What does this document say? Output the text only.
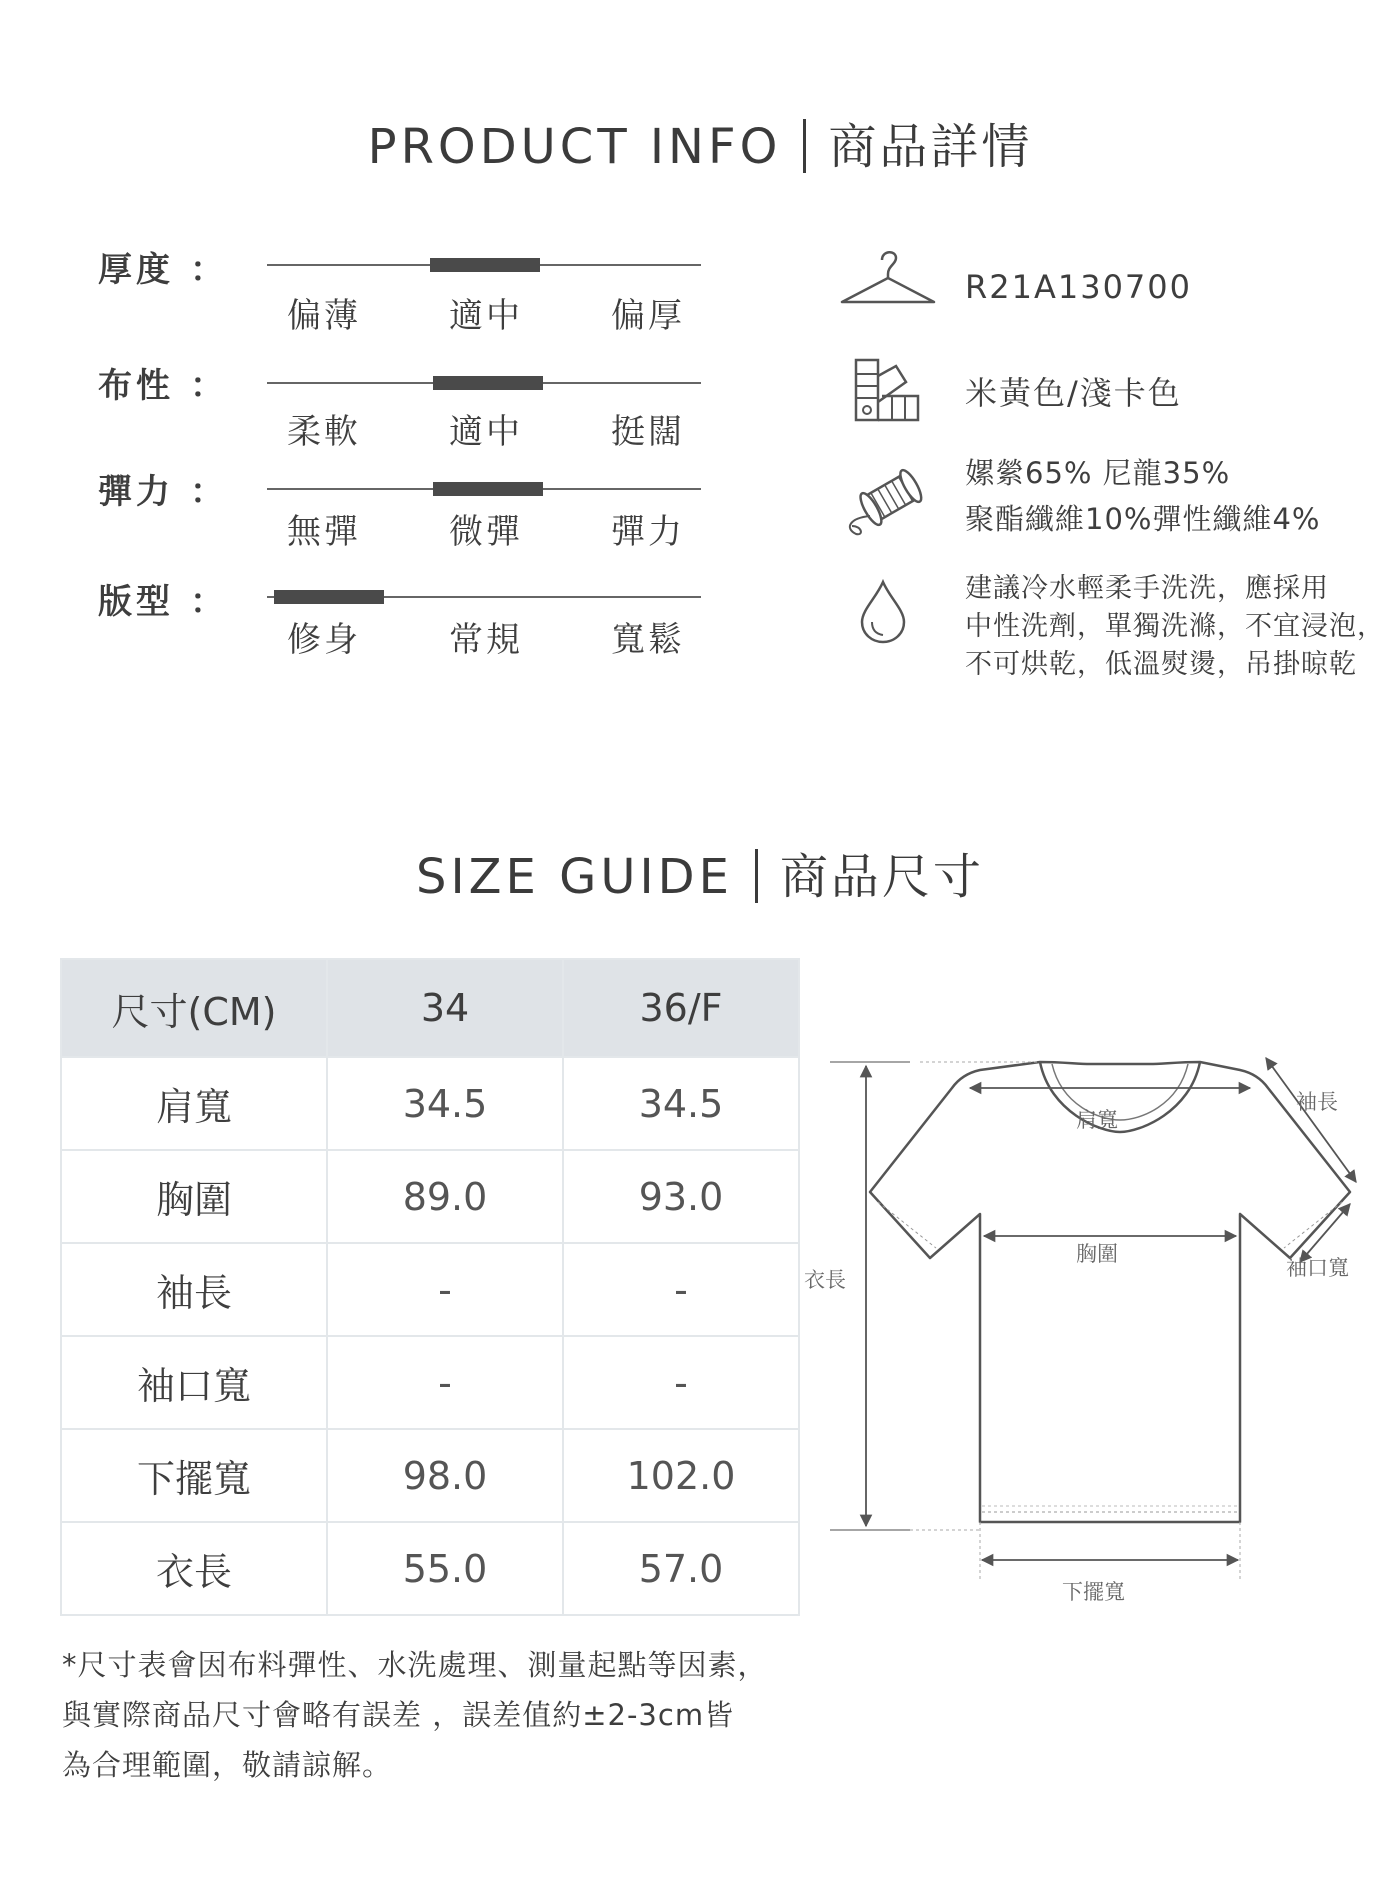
PRODUCT INFO 商品詳情
厚度 ：
偏薄	適中	偏厚
布性 ：
柔軟	適中	挺闊
彈力 ：
無彈	微彈	彈力
版型 ：
修身	常規	寬鬆
R21A130700
米黃色/淺卡色
嫘縈65% 尼龍35%
聚酯纖維10%彈性纖維4%
建議冷水輕柔手洗洗，應採用
中性洗劑，單獨洗滌，不宜浸泡，
不可烘乾，低溫熨燙，吊掛晾乾
SIZE GUIDE 商品尺寸
尺寸(CM)	34	36/F
肩寬	34.5	34.5
胸圍	89.0	93.0
袖長	-	-
袖口寬	-	-
下擺寬	98.0	102.0
衣長	55.0	57.0
*尺寸表會因布料彈性、水洗處理、測量起點等因素，
與實際商品尺寸會略有誤差 ，誤差值約±2-3cm皆
為合理範圍，敬請諒解。
肩寬
袖長
胸圍
袖口寬
衣長
下擺寬
